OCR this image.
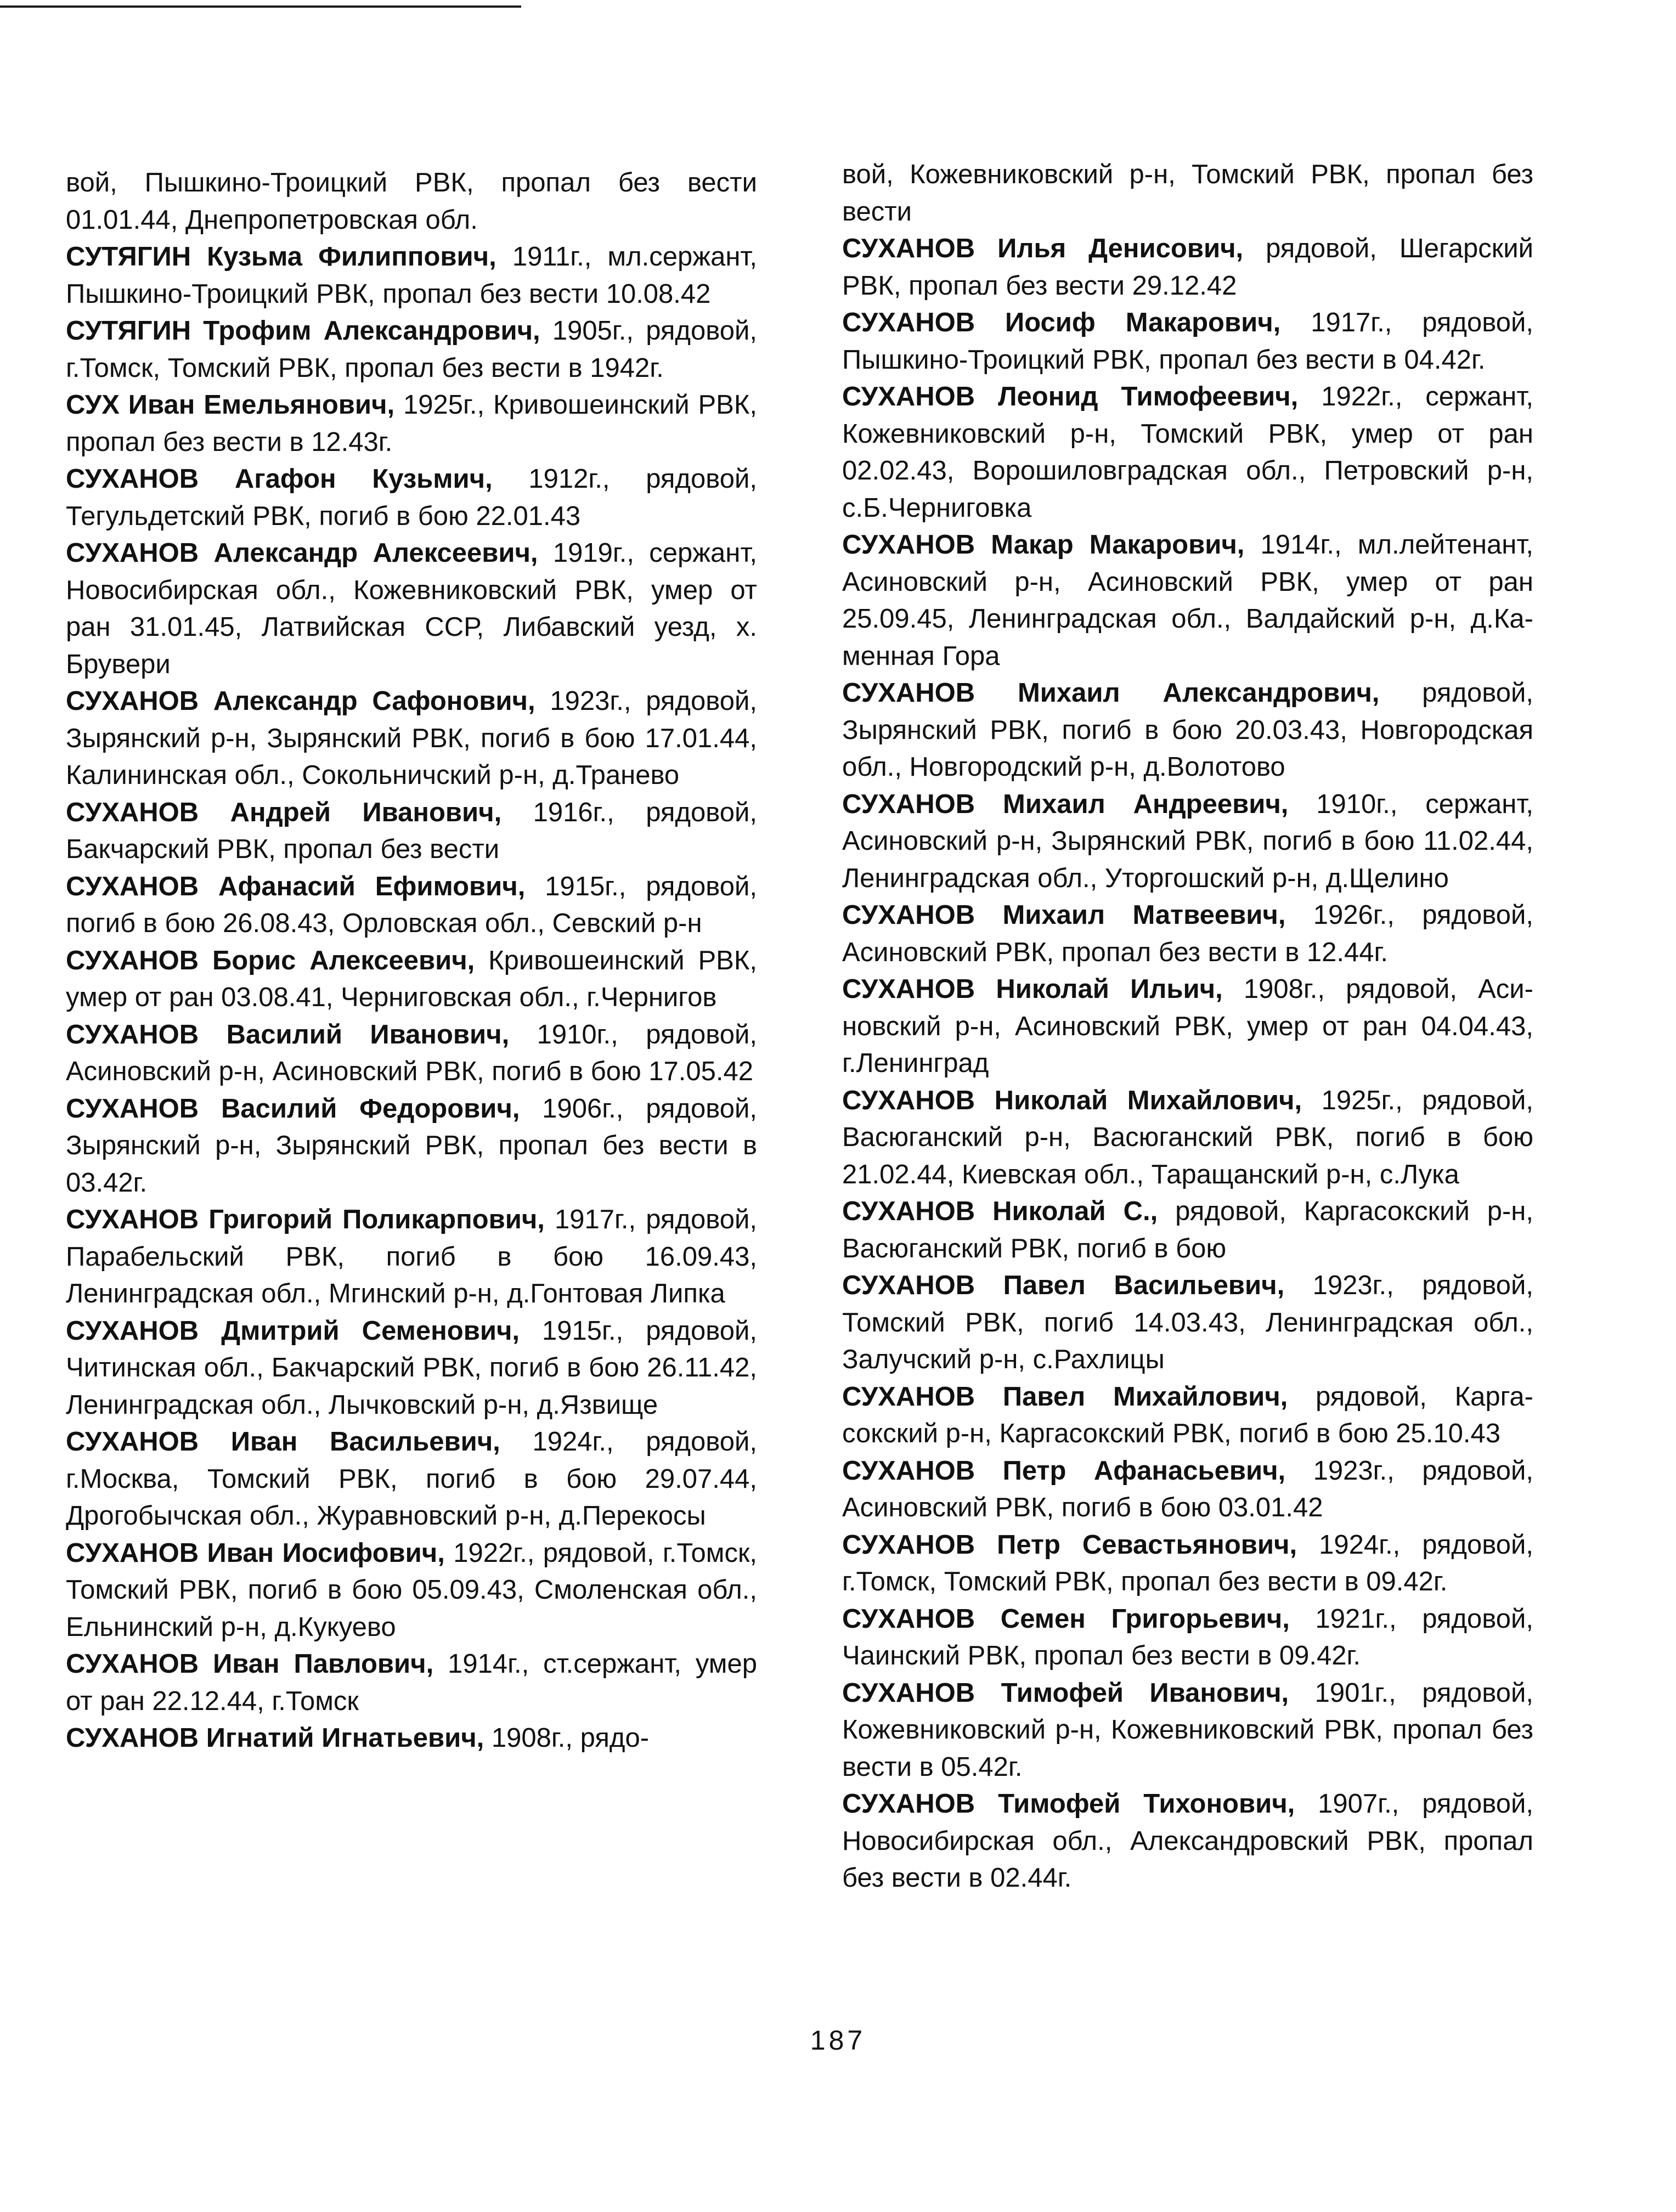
вой, Пышкино-Троицкий РВК, пропал без вести 01.01.44, Днепропетровская обл.

СУТЯГИН Кузьма Филиппович, 1911г., мл.сержант, Пышкино-Троицкий РВК, пропал без вести 10.08.42

СУТЯГИН Трофим Александрович, 1905г., рядовой, г.Томск, Томский РВК, пропал без вести в 1942г.

СУХ Иван Емельянович, 1925г., Кривошеинский РВК, пропал без вести в 12.43г.

СУХАНОВ Агафон Кузьмич, 1912г., рядовой, Тегульдетский РВК, погиб в бою 22.01.43

СУХАНОВ Александр Алексеевич, 1919г., сержант, Новосибирская обл., Кожевниковский РВК, умер от ран 31.01.45, Латвийская ССР, Либавский уезд, х. Брувери

СУХАНОВ Александр Сафонович, 1923г., рядовой, Зырянский р-н, Зырянский РВК, погиб в бою 17.01.44, Калининская обл., Сокольничский р-н, д.Транево

СУХАНОВ Андрей Иванович, 1916г., рядовой, Бакчарский РВК, пропал без вести

СУХАНОВ Афанасий Ефимович, 1915г., рядовой, погиб в бою 26.08.43, Орловская обл., Севский р-н

СУХАНОВ Борис Алексеевич, Кривошеинский РВК, умер от ран 03.08.41, Черниговская обл., г.Чернигов

СУХАНОВ Василий Иванович, 1910г., рядовой, Асиновский р-н, Асиновский РВК, погиб в бою 17.05.42

СУХАНОВ Василий Федорович, 1906г., рядовой, Зырянский р-н, Зырянский РВК, пропал без вести в 03.42г.

СУХАНОВ Григорий Поликарпович, 1917г., рядовой, Парабельский РВК, погиб в бою 16.09.43, Ленинградская обл., Мгинский р-н, д.Гонтовая Липка

СУХАНОВ Дмитрий Семенович, 1915г., рядовой, Читинская обл., Бакчарский РВК, погиб в бою 26.11.42, Ленинградская обл., Лычковский р-н, д.Язвище

СУХАНОВ Иван Васильевич, 1924г., рядовой, г.Москва, Томский РВК, погиб в бою 29.07.44, Дрогобычская обл., Журавновский р-н, д.Перекосы

СУХАНОВ Иван Иосифович, 1922г., рядовой, г.Томск, Томский РВК, погиб в бою 05.09.43, Смоленская обл., Ельнинский р-н, д.Кукуево

СУХАНОВ Иван Павлович, 1914г., ст.сержант, умер от ран 22.12.44, г.Томск

СУХАНОВ Игнатий Игнатьевич, 1908г., рядо-

вой, Кожевниковский р-н, Томский РВК, пропал без вести

СУХАНОВ Илья Денисович, рядовой, Шегарский РВК, пропал без вести 29.12.42

СУХАНОВ Иосиф Макарович, 1917г., рядовой, Пышкино-Троицкий РВК, пропал без вести в 04.42г.

СУХАНОВ Леонид Тимофеевич, 1922г., сержант, Кожевниковский р-н, Томский РВК, умер от ран 02.02.43, Ворошиловградская обл., Петровский р-н, с.Б.Черниговка

СУХАНОВ Макар Макарович, 1914г., мл.лейтенант, Асиновский р-н, Асиновский РВК, умер от ран 25.09.45, Ленинградская обл., Валдайский р-н, д.Каменная Гора

СУХАНОВ Михаил Александрович, рядовой, Зырянский РВК, погиб в бою 20.03.43, Новгородская обл., Новгородский р-н, д.Волотово

СУХАНОВ Михаил Андреевич, 1910г., сержант, Асиновский р-н, Зырянский РВК, погиб в бою 11.02.44, Ленинградская обл., Уторгошский р-н, д.Щелино

СУХАНОВ Михаил Матвеевич, 1926г., рядовой, Асиновский РВК, пропал без вести в 12.44г.

СУХАНОВ Николай Ильич, 1908г., рядовой, Асиновский р-н, Асиновский РВК, умер от ран 04.04.43, г.Ленинград

СУХАНОВ Николай Михайлович, 1925г., рядовой, Васюганский р-н, Васюганский РВК, погиб в бою 21.02.44, Киевская обл., Таращанский р-н, с.Лука

СУХАНОВ Николай С., рядовой, Каргасокский р-н, Васюганский РВК, погиб в бою

СУХАНОВ Павел Васильевич, 1923г., рядовой, Томский РВК, погиб 14.03.43, Ленинградская обл., Залучский р-н, с.Рахлицы

СУХАНОВ Павел Михайлович, рядовой, Каргасокский р-н, Каргасокский РВК, погиб в бою 25.10.43

СУХАНОВ Петр Афанасьевич, 1923г., рядовой, Асиновский РВК, погиб в бою 03.01.42

СУХАНОВ Петр Севастьянович, 1924г., рядовой, г.Томск, Томский РВК, пропал без вести в 09.42г.

СУХАНОВ Семен Григорьевич, 1921г., рядовой, Чаинский РВК, пропал без вести в 09.42г.

СУХАНОВ Тимофей Иванович, 1901г., рядовой, Кожевниковский р-н, Кожевниковский РВК, пропал без вести в 05.42г.

СУХАНОВ Тимофей Тихонович, 1907г., рядовой, Новосибирская обл., Александровский РВК, пропал без вести в 02.44г.

187
